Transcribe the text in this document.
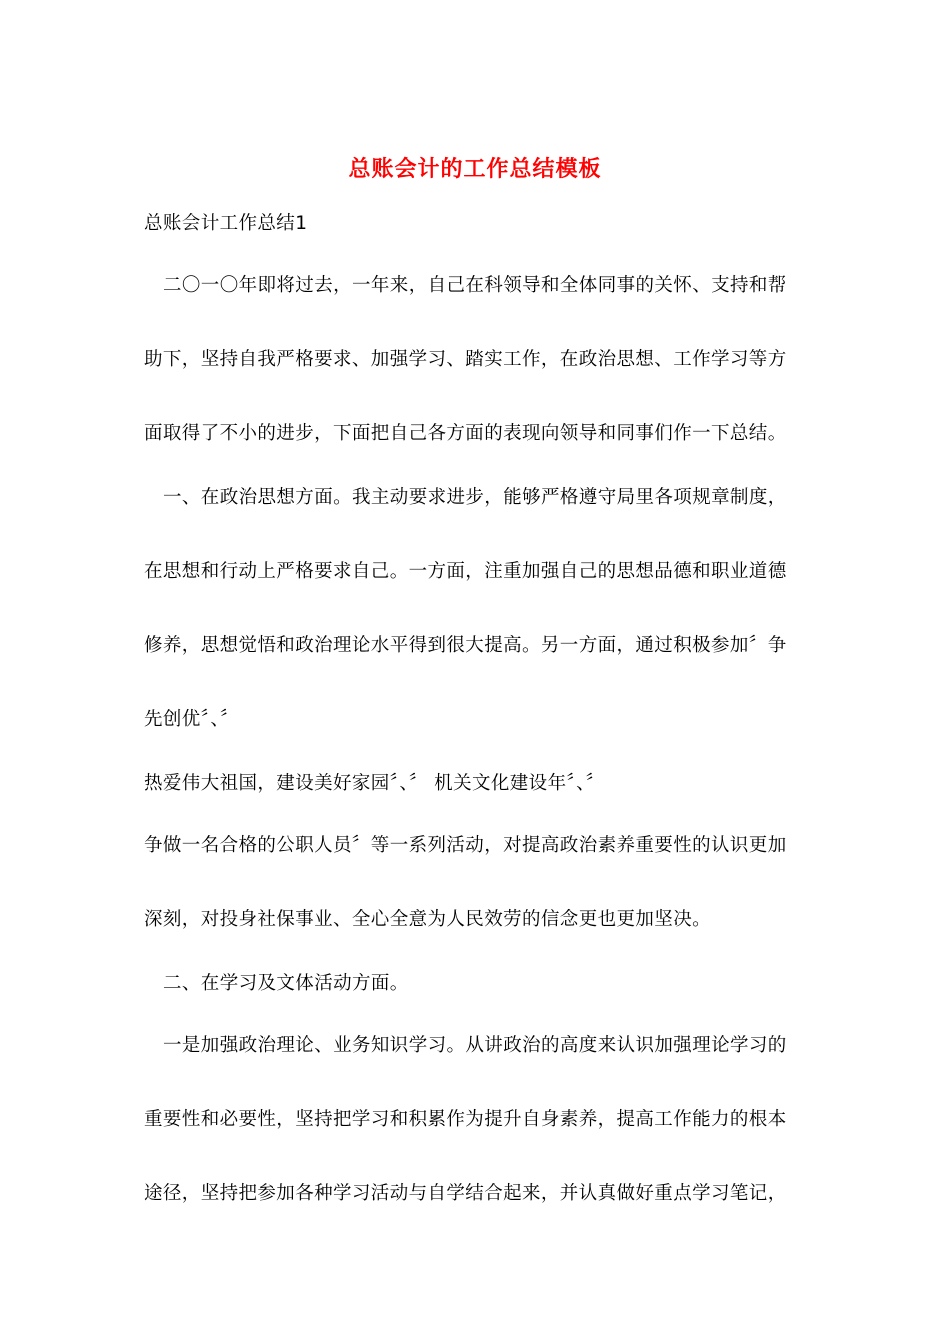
总账会计的工作总结模板
总账会计工作总结1
二〇一〇年即将过去，一年来，自己在科领导和全体同事的关怀、支持和帮
助下，坚持自我严格要求、加强学习、踏实工作，在政治思想、工作学习等方
面取得了不小的进步，下面把自己各方面的表现向领导和同事们作一下总结。
一、在政治思想方面。我主动要求进步，能够严格遵守局里各项规章制度，
在思想和行动上严格要求自己。一方面，注重加强自己的思想品德和职业道德
修养，思想觉悟和政治理论水平得到很大提高。另一方面，通过积极参加〞争
先创优〞、〞
热爱伟大祖国，建设美好家园〞、〞 机关文化建设年〞、〞
争做一名合格的公职人员〞等一系列活动，对提高政治素养重要性的认识更加
深刻，对投身社保事业、全心全意为人民效劳的信念更也更加坚决。
二、在学习及文体活动方面。
一是加强政治理论、业务知识学习。从讲政治的高度来认识加强理论学习的
重要性和必要性，坚持把学习和积累作为提升自身素养，提高工作能力的根本
途径，坚持把参加各种学习活动与自学结合起来，并认真做好重点学习笔记，
